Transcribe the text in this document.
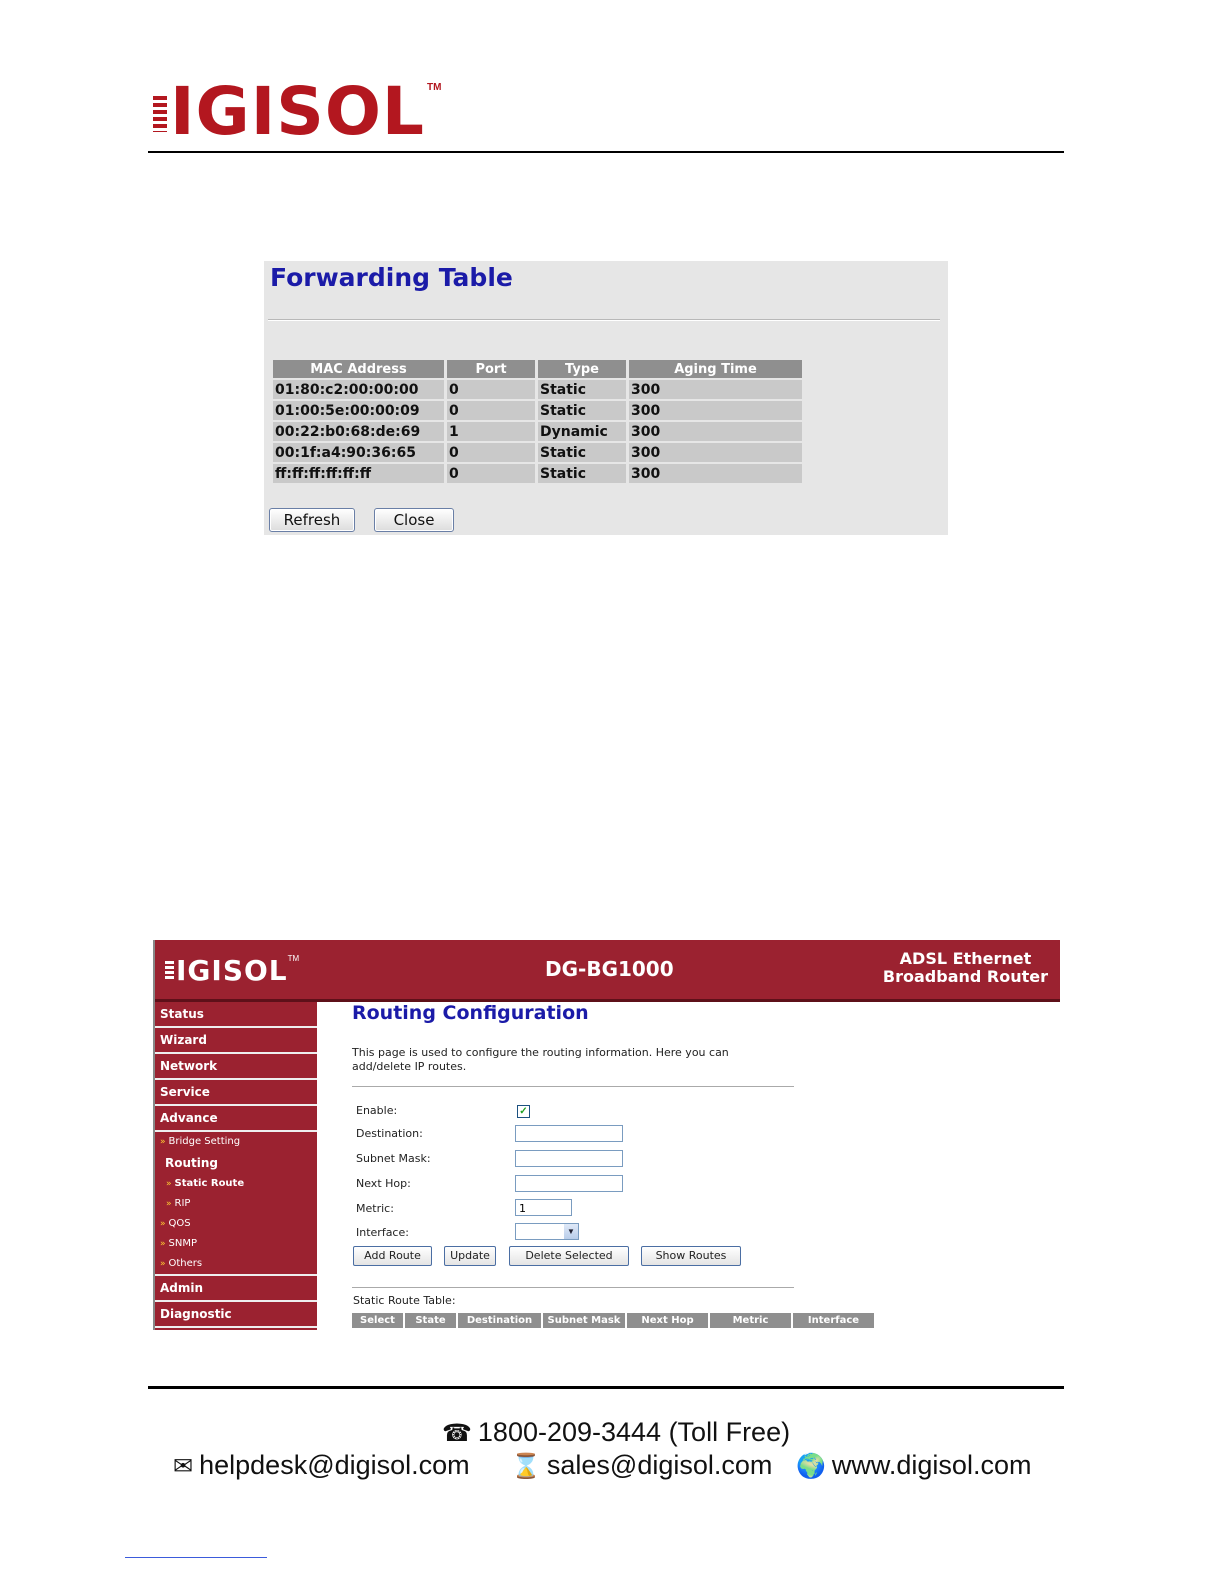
IGISOL TM
Forwarding Table
MAC Address	Port	Type	Aging Time
01:80:c2:00:00:00	0	Static	300
01:00:5e:00:00:09	0	Static	300
00:22:b0:68:de:69	1	Dynamic	300
00:1f:a4:90:36:65	0	Static	300
ff:ff:ff:ff:ff:ff	0	Static	300
Refresh	Close
IGISOL TM	DG-BG1000	ADSL Ethernet
Broadband Router
Status
Wizard
Network
Service
Advance
» Bridge Setting
Routing
» Static Route
» RIP
» QOS
» SNMP
» Others
Admin
Diagnostic
Routing Configuration
This page is used to configure the routing information. Here you can add/delete IP routes.
Enable:	✓
Destination:
Subnet Mask:
Next Hop:
Metric:	1
Interface:	▼
Add Route	Update	Delete Selected	Show Routes
Static Route Table:
Select	State	Destination	Subnet Mask	Next Hop	Metric	Interface
☎ 1800-209-3444 (Toll Free)
✉ helpdesk@digisol.com ⌛ sales@digisol.com 🌍 www.digisol.com
